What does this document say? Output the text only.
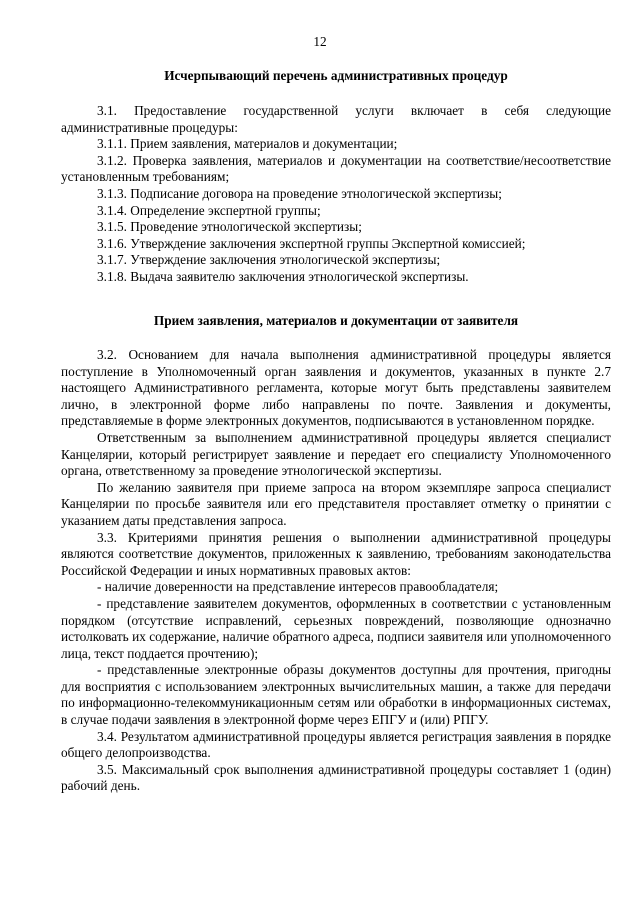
12
Исчерпывающий перечень административных процедур

3.1. Предоставление государственной услуги включает в себя следующие административные процедуры:

3.1.1. Прием заявления, материалов и документации;

3.1.2. Проверка заявления, материалов и документации на соответствие/несоответствие установленным требованиям;

3.1.3. Подписание договора на проведение этнологической экспертизы;

3.1.4. Определение экспертной группы;

3.1.5. Проведение этнологической экспертизы;

3.1.6. Утверждение заключения экспертной группы Экспертной комиссией;

3.1.7. Утверждение заключения этнологической экспертизы;

3.1.8. Выдача заявителю заключения этнологической экспертизы.

Прием заявления, материалов и документации от заявителя

3.2. Основанием для начала выполнения административной процедуры является поступление в Уполномоченный орган заявления и документов, указанных в пункте 2.7 настоящего Административного регламента, которые могут быть представлены заявителем лично, в электронной форме либо направлены по почте. Заявления и документы, представляемые в форме электронных документов, подписываются в установленном порядке.

Ответственным за выполнением административной процедуры является специалист Канцелярии, который регистрирует заявление и передает его специалисту Уполномоченного органа, ответственному за проведение этнологической экспертизы.

По желанию заявителя при приеме запроса на втором экземпляре запроса специалист Канцелярии по просьбе заявителя или его представителя проставляет отметку о принятии с указанием даты представления запроса.

3.3. Критериями принятия решения о выполнении административной процедуры являются соответствие документов, приложенных к заявлению, требованиям законодательства Российской Федерации и иных нормативных правовых актов:

- наличие доверенности на представление интересов правообладателя;

- представление заявителем документов, оформленных в соответствии с установленным порядком (отсутствие исправлений, серьезных повреждений, позволяющие однозначно истолковать их содержание, наличие обратного адреса, подписи заявителя или уполномоченного лица, текст поддается прочтению);

- представленные электронные образы документов доступны для прочтения, пригодны для восприятия с использованием электронных вычислительных машин, а также для передачи по информационно-телекоммуникационным сетям или обработки в информационных системах, в случае подачи заявления в электронной форме через ЕПГУ и (или) РПГУ.

3.4. Результатом административной процедуры является регистрация заявления в порядке общего делопроизводства.

3.5. Максимальный срок выполнения административной процедуры составляет 1 (один) рабочий день.
